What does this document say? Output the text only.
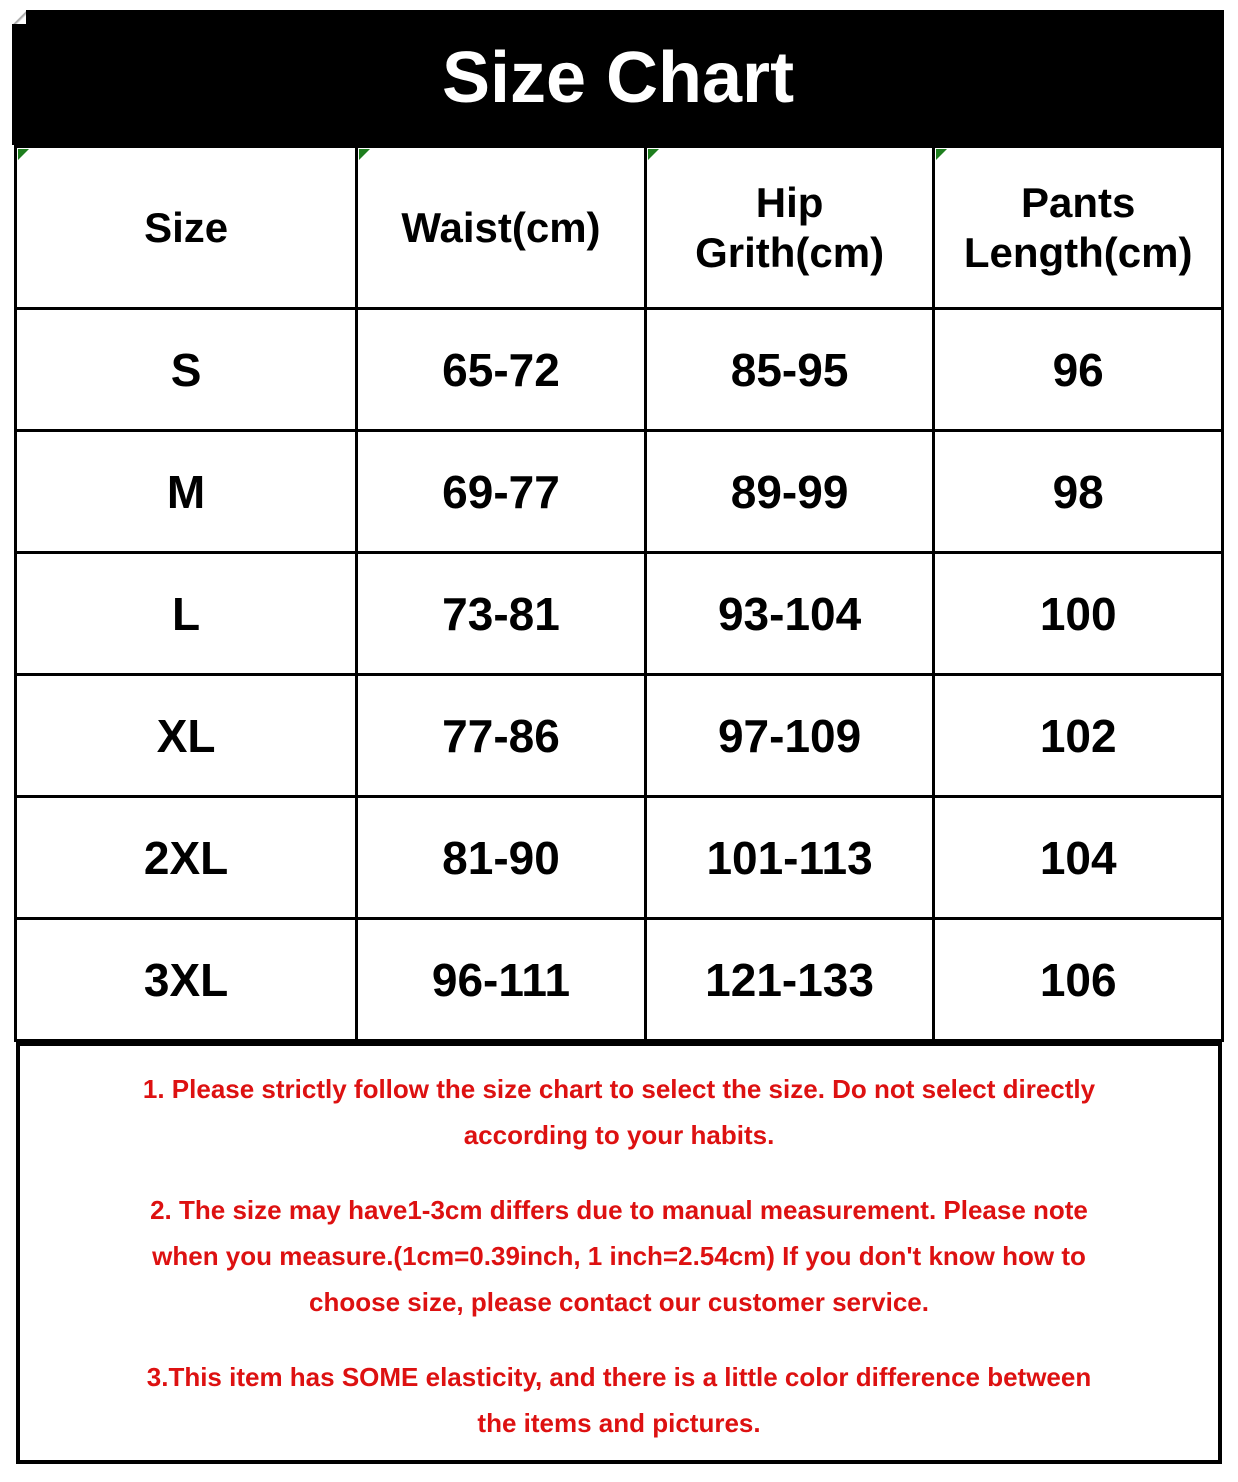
Size Chart
Size	Waist(cm)	Hip Grith(cm)	Pants Length(cm)
S	65-72	85-95	96
M	69-77	89-99	98
L	73-81	93-104	100
XL	77-86	97-109	102
2XL	81-90	101-113	104
3XL	96-111	121-133	106
1. Please strictly follow the size chart to select the size. Do not select directly
according to your habits.
2. The size may have1-3cm differs due to manual measurement. Please note
when you measure.(1cm=0.39inch, 1 inch=2.54cm) If you don't know how to
choose size, please contact our customer service.
3.This item has SOME elasticity, and there is a little color difference between
the items and pictures.
